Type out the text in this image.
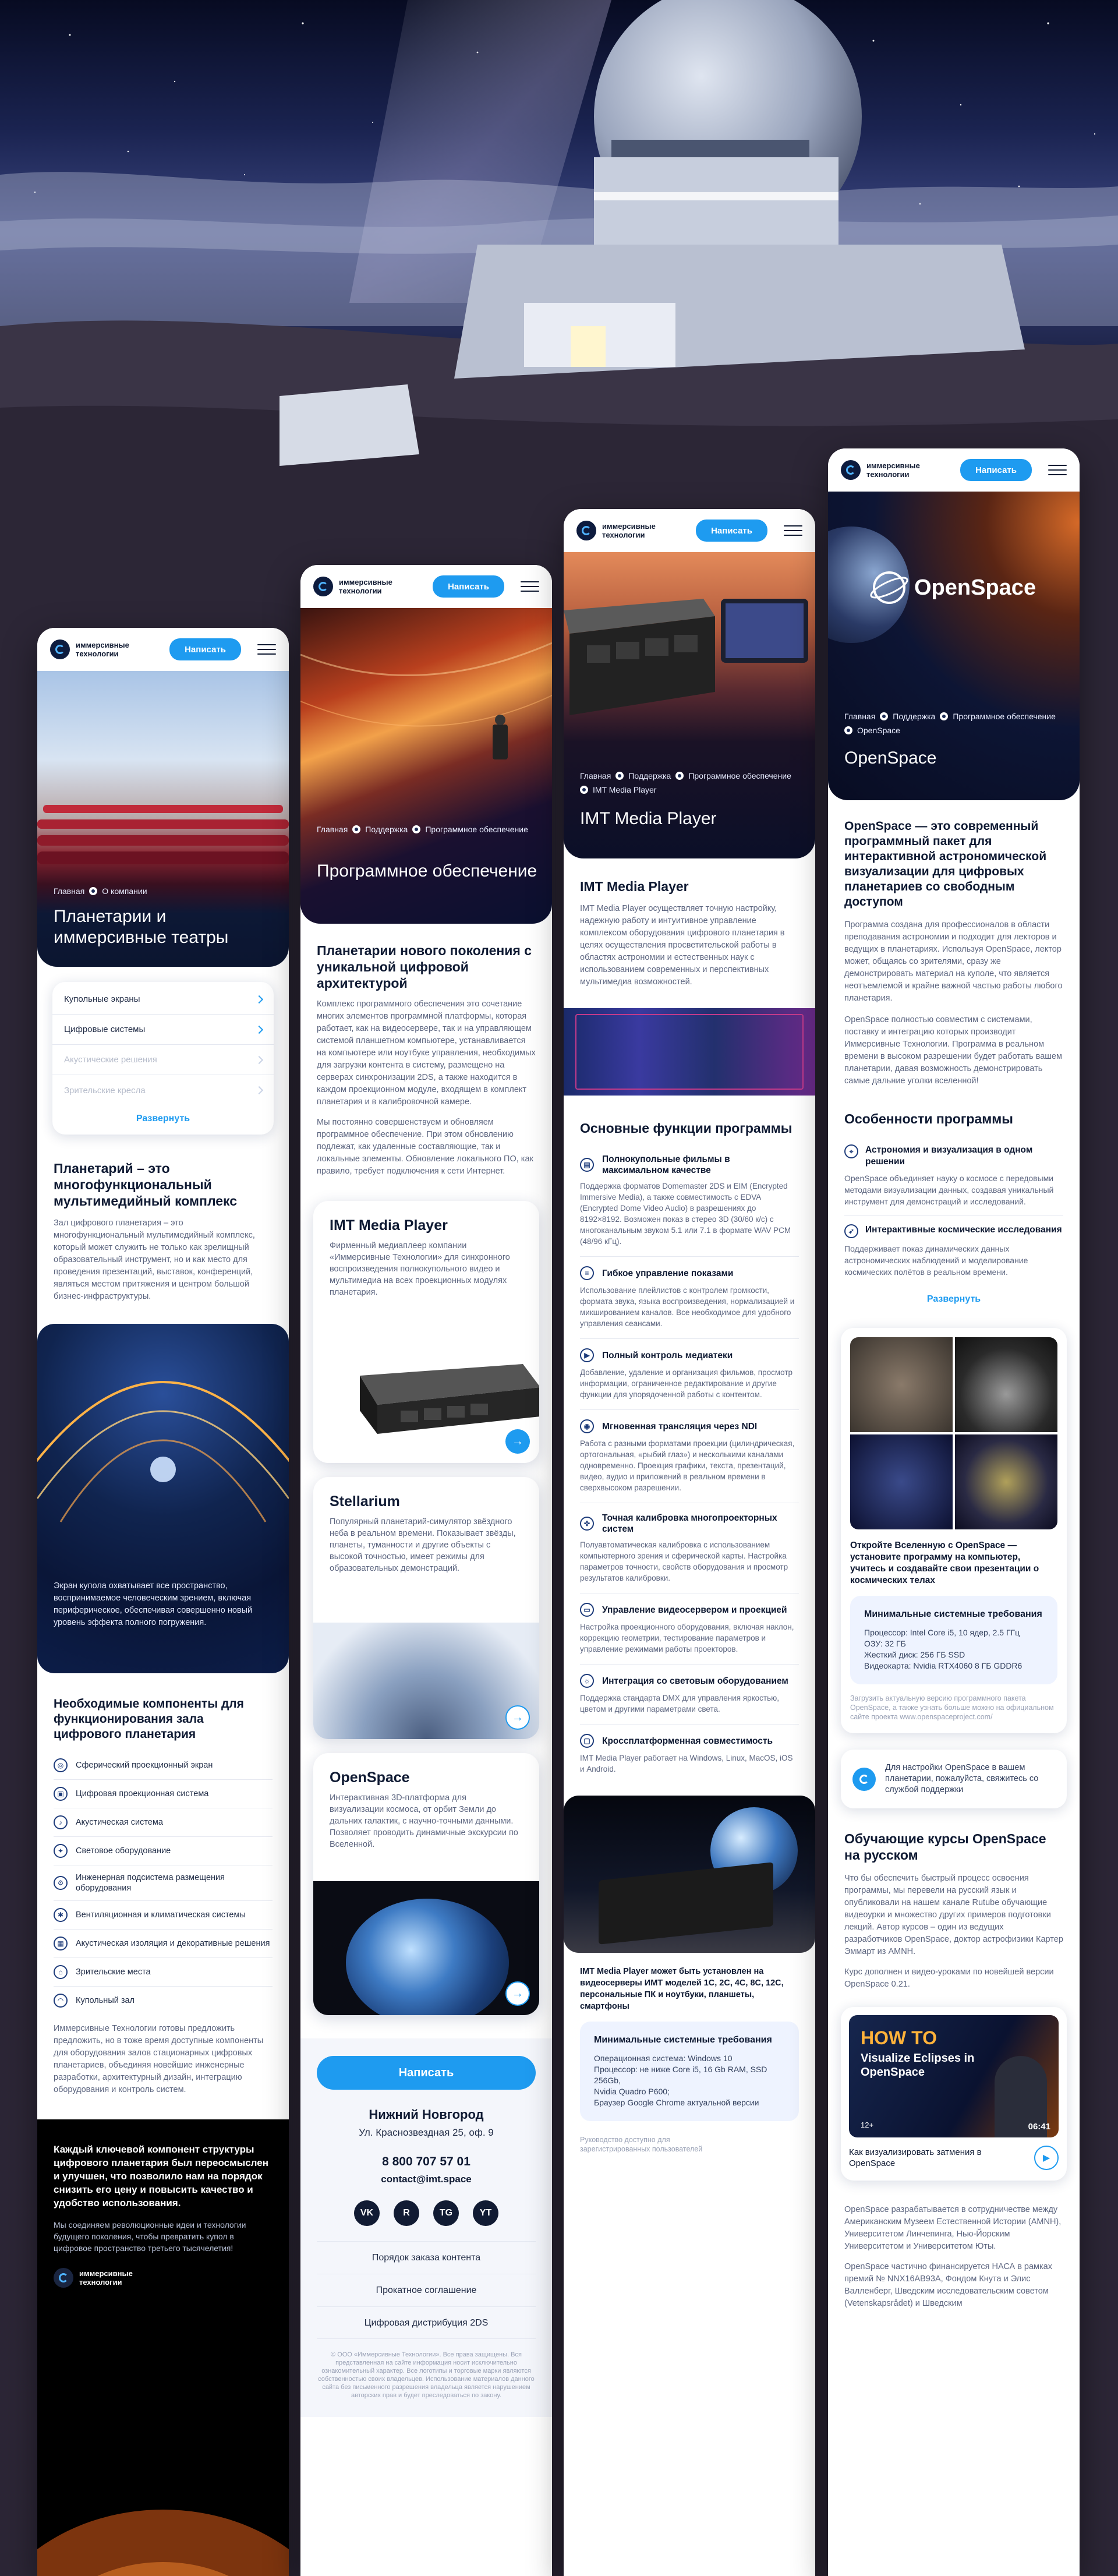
иммерсивные технологии	Написать
Главная О компании
Планетарии и иммерсивные театры
Купольные экраны
Цифровые системы
Акустические решения
Зрительские кресла
Развернуть
Планетарий – это многофункциональный мультимедийный комплекс
Зал цифрового планетария – это многофункциональный мультимедийный комплекс, который может служить не только как зрелищный образовательный инструмент, но и как место для проведения презентаций, выставок, конференций, являться местом притяжения и центром большой бизнес-инфраструктуры.
Экран купола охватывает все пространство, воспринимаемое человеческим зрением, включая периферическое, обеспечивая совершенно новый уровень эффекта полного погружения.
Необходимые компоненты для функционирования зала цифрового планетария
◎	Сферический проекционный экран
▣	Цифровая проекционная система
♪	Акустическая система
✦	Световое оборудование
⚙
Инженерная подсистема размещения оборудования
✱	Вентиляционная и климатическая системы
▦	Акустическая изоляция и декоративные решения
⌂	Зрительские места
◠	Купольный зал
Иммерсивные Технологии готовы предложить предложить, но в тоже время доступные компоненты для оборудования залов стационарных цифровых планетариев, объединяя новейшие инженерные разработки, архитектурный дизайн, интеграцию оборудования и контроль систем.
Каждый ключевой компонент структуры цифрового планетария был переосмыслен и улучшен, что позволило нам на порядок снизить его цену и повысить качество и удобство использования.
Мы соединяем революционные идеи и технологии будущего поколения, чтобы превратить купол в цифровое пространство третьего тысячелетия!
иммерсивные технологии
иммерсивные технологии	Написать
Главная Поддержка Программное обеспечение
Программное обеспечение
Планетарии нового поколения с уникальной цифровой архитектурой
Комплекс программного обеспечения это сочетание многих элементов программной платформы, которая работает, как на видеосервере, так и на управляющем системой планшетном компьютере, устанавливается на компьютере или ноутбуке управления, необходимых для загрузки контента в систему, размещено на серверах синхронизации 2DS, а также находится в каждом проекционном модуле, входящем в комплект планетария и в калибровочной камере.
Мы постоянно совершенствуем и обновляем программное обеспечение. При этом обновлению подлежат, как удаленные составляющие, так и локальные элементы. Обновление локального ПО, как правило, требует подключения к сети Интернет.
IMT Media Player

Фирменный медиаплеер компании «Иммерсивные Технологии» для синхронного воспроизведения полнокупольного видео и мультимедиа на всех проекционных модулях планетария.

→
Stellarium

Популярный планетарий-симулятор звёздного неба в реальном времени. Показывает звёзды, планеты, туманности и другие объекты с высокой точностью, имеет режимы для образовательных демонстраций.

→
OpenSpace

Интерактивная 3D-платформа для визуализации космоса, от орбит Земли до дальних галактик, с научно-точными данными. Позволяет проводить динамичные экскурсии по Вселенной.

→
Написать
Нижний Новгород
Ул. Краснозвездная 25, оф. 9
8 800 707 57 01
contact@imt.space
VK	R	TG	YT
Порядок заказа контента
Прокатное соглашение
Цифровая дистрибуция 2DS
© ООО «Иммерсивные Технологии». Все права защищены. Вся представленная на сайте информация носит исключительно ознакомительный характер. Все логотипы и торговые марки являются собственностью своих владельцев. Использование материалов данного сайта без письменного разрешения владельца является нарушением авторских прав и будет преследоваться по закону.
иммерсивные технологии	Написать
Главная Поддержка Программное обеспечение
IMT Media Player
IMT Media Player
IMT Media Player
IMT Media Player осуществляет точную настройку, надежную работу и интуитивное управление комплексом оборудования цифрового планетария в целях осуществления просветительской работы в областях астрономии и естественных наук с использованием современных и перспективных мультимедиа возможностей.
Основные функции программы
▤
Полнокупольные фильмы в максимальном качестве
Поддержка форматов Domemaster 2DS и EIM (Encrypted Immersive Media), а также совместимость с EDVA (Encrypted Dome Video Audio) в разрешениях до 8192×8192. Возможен показ в стерео 3D (30/60 к/с) с многоканальным звуком 5.1 или 7.1 в формате WAV PCM (48/96 кГц).
≡	Гибкое управление показами
Использование плейлистов с контролем громкости, формата звука, языка воспроизведения, нормализацией и микшированием каналов. Все необходимое для удобного управления сеансами.
▶	Полный контроль медиатеки
Добавление, удаление и организация фильмов, просмотр информации, ограниченное редактирование и другие функции для упорядоченной работы с контентом.
◉	Мгновенная трансляция через NDI
Работа с разными форматами проекции (цилиндрическая, ортогональная, «рыбий глаз») и несколькими каналами одновременно. Проекция графики, текста, презентаций, видео, аудио и приложений в реальном времени в сверхвысоком разрешении.
✜
Точная калибровка многопроекторных систем
Полуавтоматическая калибровка с использованием компьютерного зрения и сферической карты. Настройка параметров точности, свойств оборудования и просмотр результатов калибровки.
▭	Управление видеосервером и проекцией
Настройка проекционного оборудования, включая наклон, коррекцию геометрии, тестирование параметров и управление режимами работы проекторов.
☼	Интеграция со световым оборудованием
Поддержка стандарта DMX для управления яркостью, цветом и другими параметрами света.
▢	Кроссплатформенная совместимость
IMT Media Player работает на Windows, Linux, MacOS, iOS и Android.
IMT Media Player может быть установлен на видеосерверы ИМТ моделей 1С, 2С, 4С, 8С, 12С, персональные ПК и ноутбуки, планшеты, смартфоны
Минимальные системные требования
Операционная система: Windows 10
Процессор: не ниже Core i5, 16 Gb RAM, SSD 256Gb,
Nvidia Quadro P600;
Браузер Google Chrome актуальной версии
Руководство доступно для зарегистрированных пользователей
иммерсивные технологии	Написать
OpenSpace
Главная Поддержка Программное обеспечение
OpenSpace
OpenSpace
OpenSpace — это современный программный пакет для интерактивной астрономической визуализации для цифровых планетариев со свободным доступом
Программа создана для профессионалов в области преподавания астрономии и подходит для лекторов и ведущих в планетариях. Используя OpenSpace, лектор может, общаясь со зрителями, сразу же демонстрировать материал на куполе, что является неотъемлемой и крайне важной частью работы любого планетария.
OpenSpace полностью совместим с системами, поставку и интеграцию которых производит Иммерсивные Технологии. Программа в реальном времени в высоком разрешении будет работать вашем планетарии, давая возможность демонстрировать самые дальние уголки вселенной!
Особенности программы
⌖	Астрономия и визуализация в одном решении
OpenSpace объединяет науку о космосе с передовыми методами визуализации данных, создавая уникальный инструмент для демонстраций и исследований.
➶	Интерактивные космические исследования
Поддерживает показ динамических данных астрономических наблюдений и моделирование космических полётов в реальном времени.
Развернуть
Откройте Вселенную с OpenSpace — установите программу на компьютер, учитесь и создавайте свои презентации о космических телах
Минимальные системные требования
Процессор: Intel Core i5, 10 ядер, 2.5 ГГц
ОЗУ: 32 ГБ
Жесткий диск: 256 ГБ SSD
Видеокарта: Nvidia RTX4060 8 ГБ GDDR6
Загрузить актуальную версию программного пакета OpenSpace, а также узнать больше можно на официальном сайте проекта www.openspaceproject.com/
Для настройки OpenSpace в вашем планетарии, пожалуйста, свяжитесь со службой поддержки
Обучающие курсы OpenSpace на русском
Что бы обеспечить быстрый процесс освоения программы, мы перевели на русский язык и опубликовали на нашем канале Rutube обучающие видеоурки и множество других примеров подготовки лекций. Автор курсов – один из ведущих разработчиков OpenSpace, доктор астрофизики Картер Эммарт из AMNH.
Курс дополнен и видео-уроками по новейшей версии OpenSpace 0.21.
HOW TO
Visualize Eclipses in OpenSpace
06:41
12+
Как визуализировать затмения в OpenSpace
▶
OpenSpace разрабатывается в сотрудничестве между Американским Музеем Естественной Истории (AMNH), Университетом Линчепинга, Нью-Йорским Университетом и Университетом Юты.
OpenSpace частично финансируется НАСА в рамках премий № NNX16AB93A, Фондом Кнута и Элис Валленберг, Шведским исследовательским советом (Vetenskapsrådet) и Шведским
